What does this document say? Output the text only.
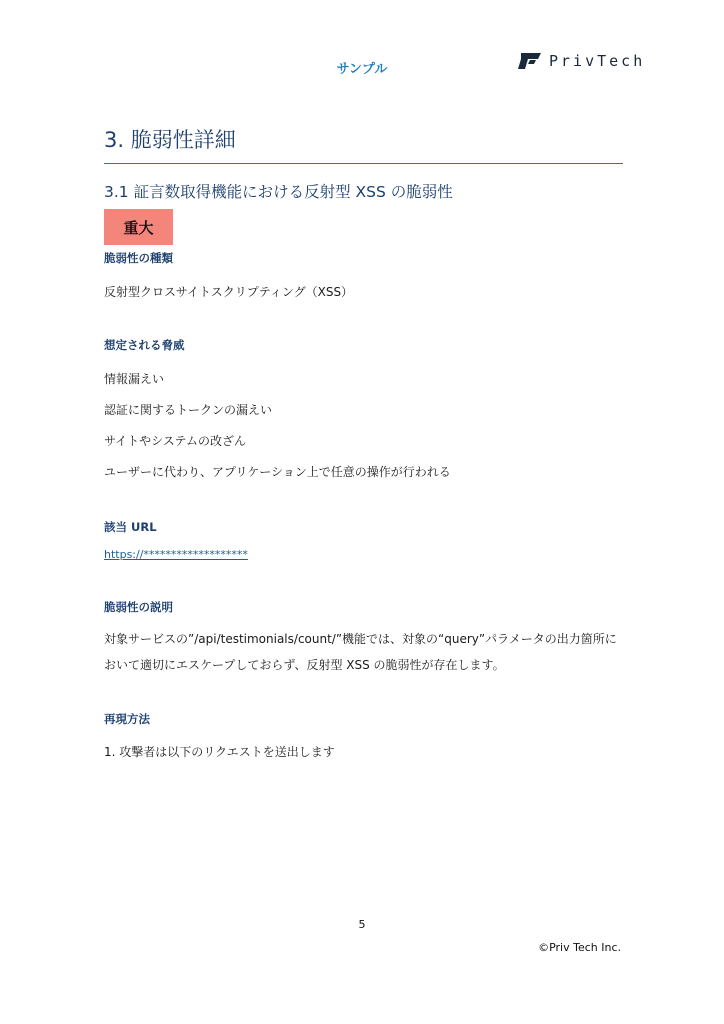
サンプル	PrivTech
3. 脆弱性詳細
3.1 証言数取得機能における反射型 XSS の脆弱性
重大
脆弱性の種類
反射型クロスサイトスクリプティング（XSS）
想定される脅威
情報漏えい
認証に関するトークンの漏えい
サイトやシステムの改ざん
ユーザーに代わり、アプリケーション上で任意の操作が行われる
該当 URL
https://*******************
脆弱性の説明
対象サービスの”/api/testimonials/count/”機能では、対象の“query”パラメータの出力箇所に
おいて適切にエスケープしておらず、反射型 XSS の脆弱性が存在します。
再現方法
1. 攻撃者は以下のリクエストを送出します
5
©Priv Tech Inc.
